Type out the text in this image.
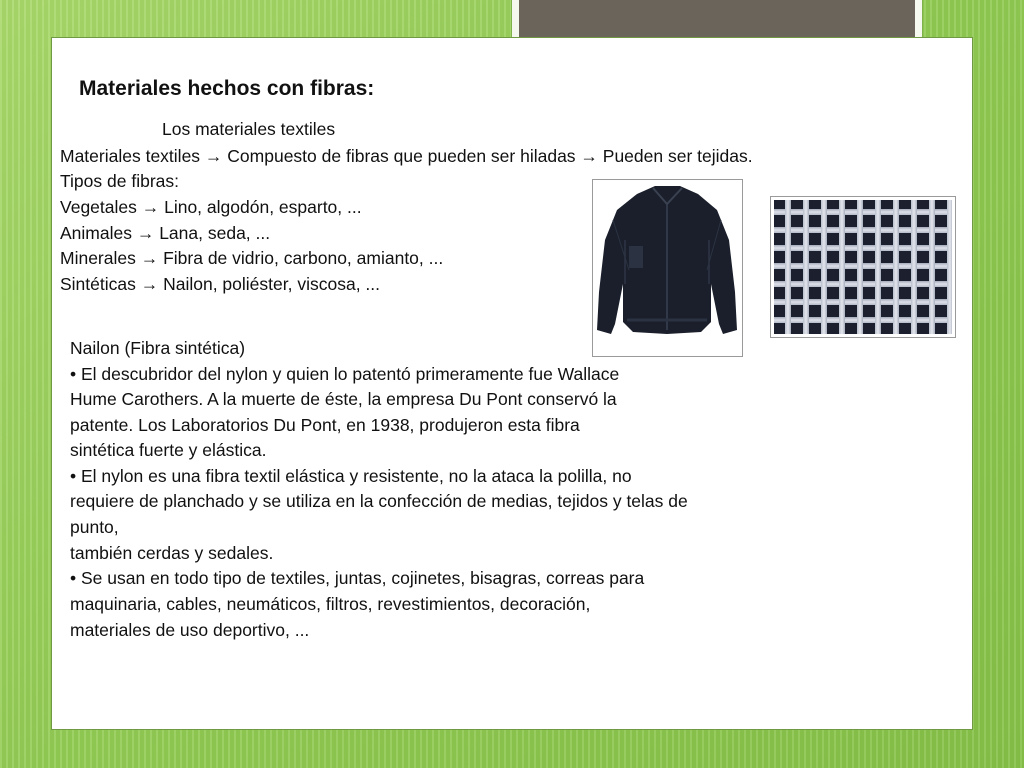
Materiales hechos con fibras:
Los materiales textiles
Materiales textiles → Compuesto de fibras que pueden ser hiladas → Pueden ser tejidas.
Tipos de fibras:
Vegetales → Lino, algodón, esparto, ...
Animales → Lana, seda, ...
Minerales → Fibra de vidrio, carbono, amianto, ...
Sintéticas → Nailon, poliéster, viscosa, ...
Nailon (Fibra sintética)
• El descubridor del nylon y quien lo patentó primeramente fue Wallace
Hume Carothers. A la muerte de éste, la empresa Du Pont conservó la
patente. Los Laboratorios Du Pont, en 1938, produjeron esta fibra
sintética fuerte y elástica.
• El nylon es una fibra textil elástica y resistente, no la ataca la polilla, no
requiere de planchado y se utiliza en la confección de medias, tejidos y telas de
punto,
también cerdas y sedales.
• Se usan en todo tipo de textiles, juntas, cojinetes, bisagras, correas para
maquinaria, cables, neumáticos, filtros, revestimientos, decoración,
materiales de uso deportivo, ...
